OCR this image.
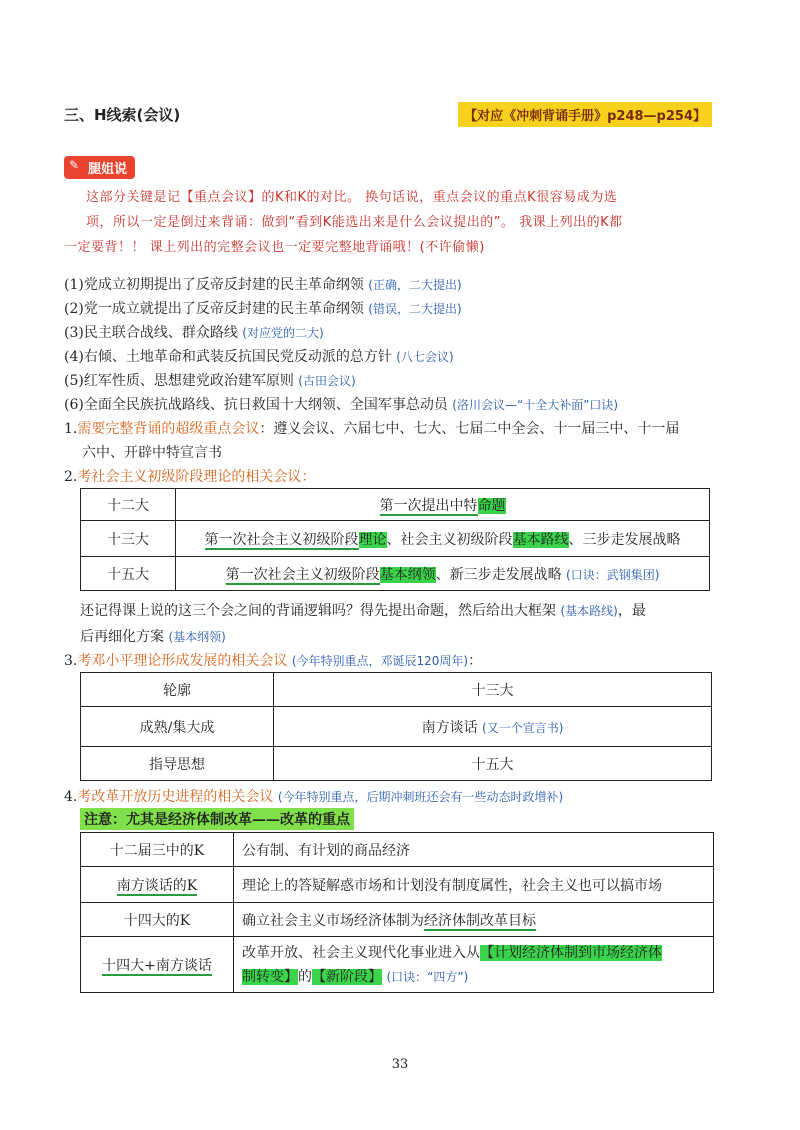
三、H线索(会议)	【对应《冲刺背诵手册》p248—p254】
✎ 腿姐说
这部分关键是记【重点会议】的K和K的对比。 换句话说，重点会议的重点K很容易成为选
项，所以一定是倒过来背诵：做到“看到K能选出来是什么会议提出的”。 我课上列出的K都
一定要背！！ 课上列出的完整会议也一定要完整地背诵哦！(不许偷懒)
(1)党成立初期提出了反帝反封建的民主革命纲领 (正确，二大提出)
(2)党一成立就提出了反帝反封建的民主革命纲领 (错误，二大提出)
(3)民主联合战线、群众路线 (对应党的二大)
(4)右倾、土地革命和武装反抗国民党反动派的总方针 (八七会议)
(5)红军性质、思想建党政治建军原则 (古田会议)
(6)全面全民族抗战路线、抗日救国十大纲领、全国军事总动员 (洛川会议—“十全大补面”口诀)
1.需要完整背诵的超级重点会议：遵义会议、六届七中、七大、七届二中全会、十一届三中、十一届
六中、开辟中特宣言书
2.考社会主义初级阶段理论的相关会议：
十二大	第一次提出中特命题
十三大	第一次社会主义初级阶段理论、社会主义初级阶段基本路线、三步走发展战略
十五大	第一次社会主义初级阶段基本纲领、新三步走发展战略 (口诀：武钢集团)
还记得课上说的这三个会之间的背诵逻辑吗？得先提出命题，然后给出大框架 (基本路线)，最
后再细化方案 (基本纲领)
3.考邓小平理论形成发展的相关会议 (今年特别重点，邓诞辰120周年)：
轮廓	十三大
成熟/集大成	南方谈话 (又一个宣言书)
指导思想	十五大
4.考改革开放历史进程的相关会议 (今年特别重点，后期冲刺班还会有一些动态时政增补)
注意：尤其是经济体制改革——改革的重点
十二届三中的K	公有制、有计划的商品经济
南方谈话的K	理论上的答疑解惑市场和计划没有制度属性，社会主义也可以搞市场
十四大的K	确立社会主义市场经济体制为经济体制改革目标
十四大+南方谈话	改革开放、社会主义现代化事业进入从【计划经济体制到市场经济体
制转变】的【新阶段】 (口诀：“四方”)
33
